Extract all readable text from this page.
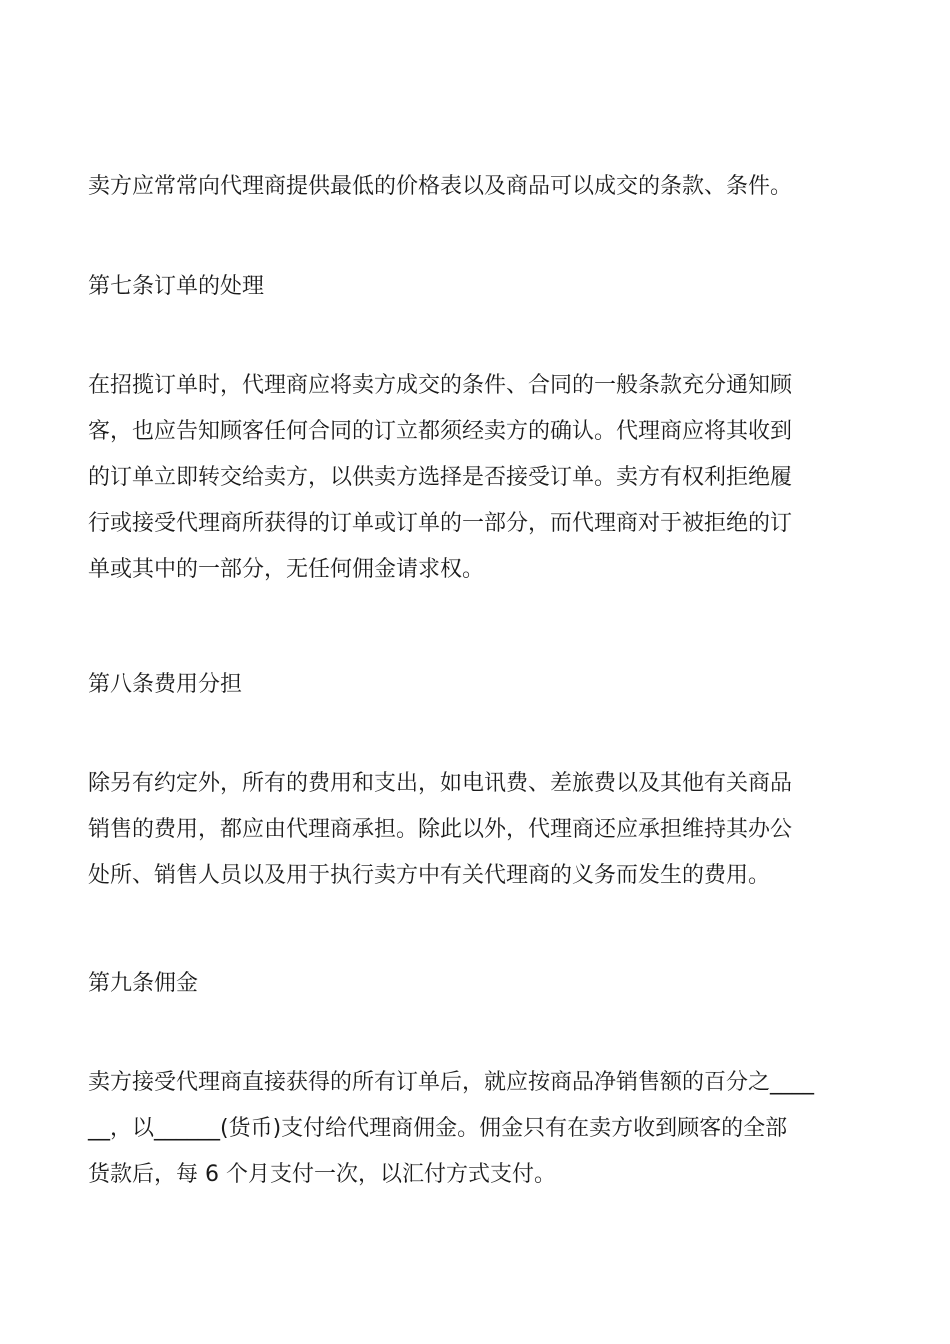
卖方应常常向代理商提供最低的价格表以及商品可以成交的条款、条件。

第七条订单的处理

在招揽订单时，代理商应将卖方成交的条件、合同的一般条款充分通知顾
客，也应告知顾客任何合同的订立都须经卖方的确认。代理商应将其收到
的订单立即转交给卖方，以供卖方选择是否接受订单。卖方有权利拒绝履
行或接受代理商所获得的订单或订单的一部分，而代理商对于被拒绝的订
单或其中的一部分，无任何佣金请求权。

第八条费用分担

除另有约定外，所有的费用和支出，如电讯费、差旅费以及其他有关商品
销售的费用，都应由代理商承担。除此以外，代理商还应承担维持其办公
处所、销售人员以及用于执行卖方中有关代理商的义务而发生的费用。

第九条佣金

卖方接受代理商直接获得的所有订单后，就应按商品净销售额的百分之____
__，以______(货币)支付给代理商佣金。佣金只有在卖方收到顾客的全部
货款后，每 6 个月支付一次，以汇付方式支付。
